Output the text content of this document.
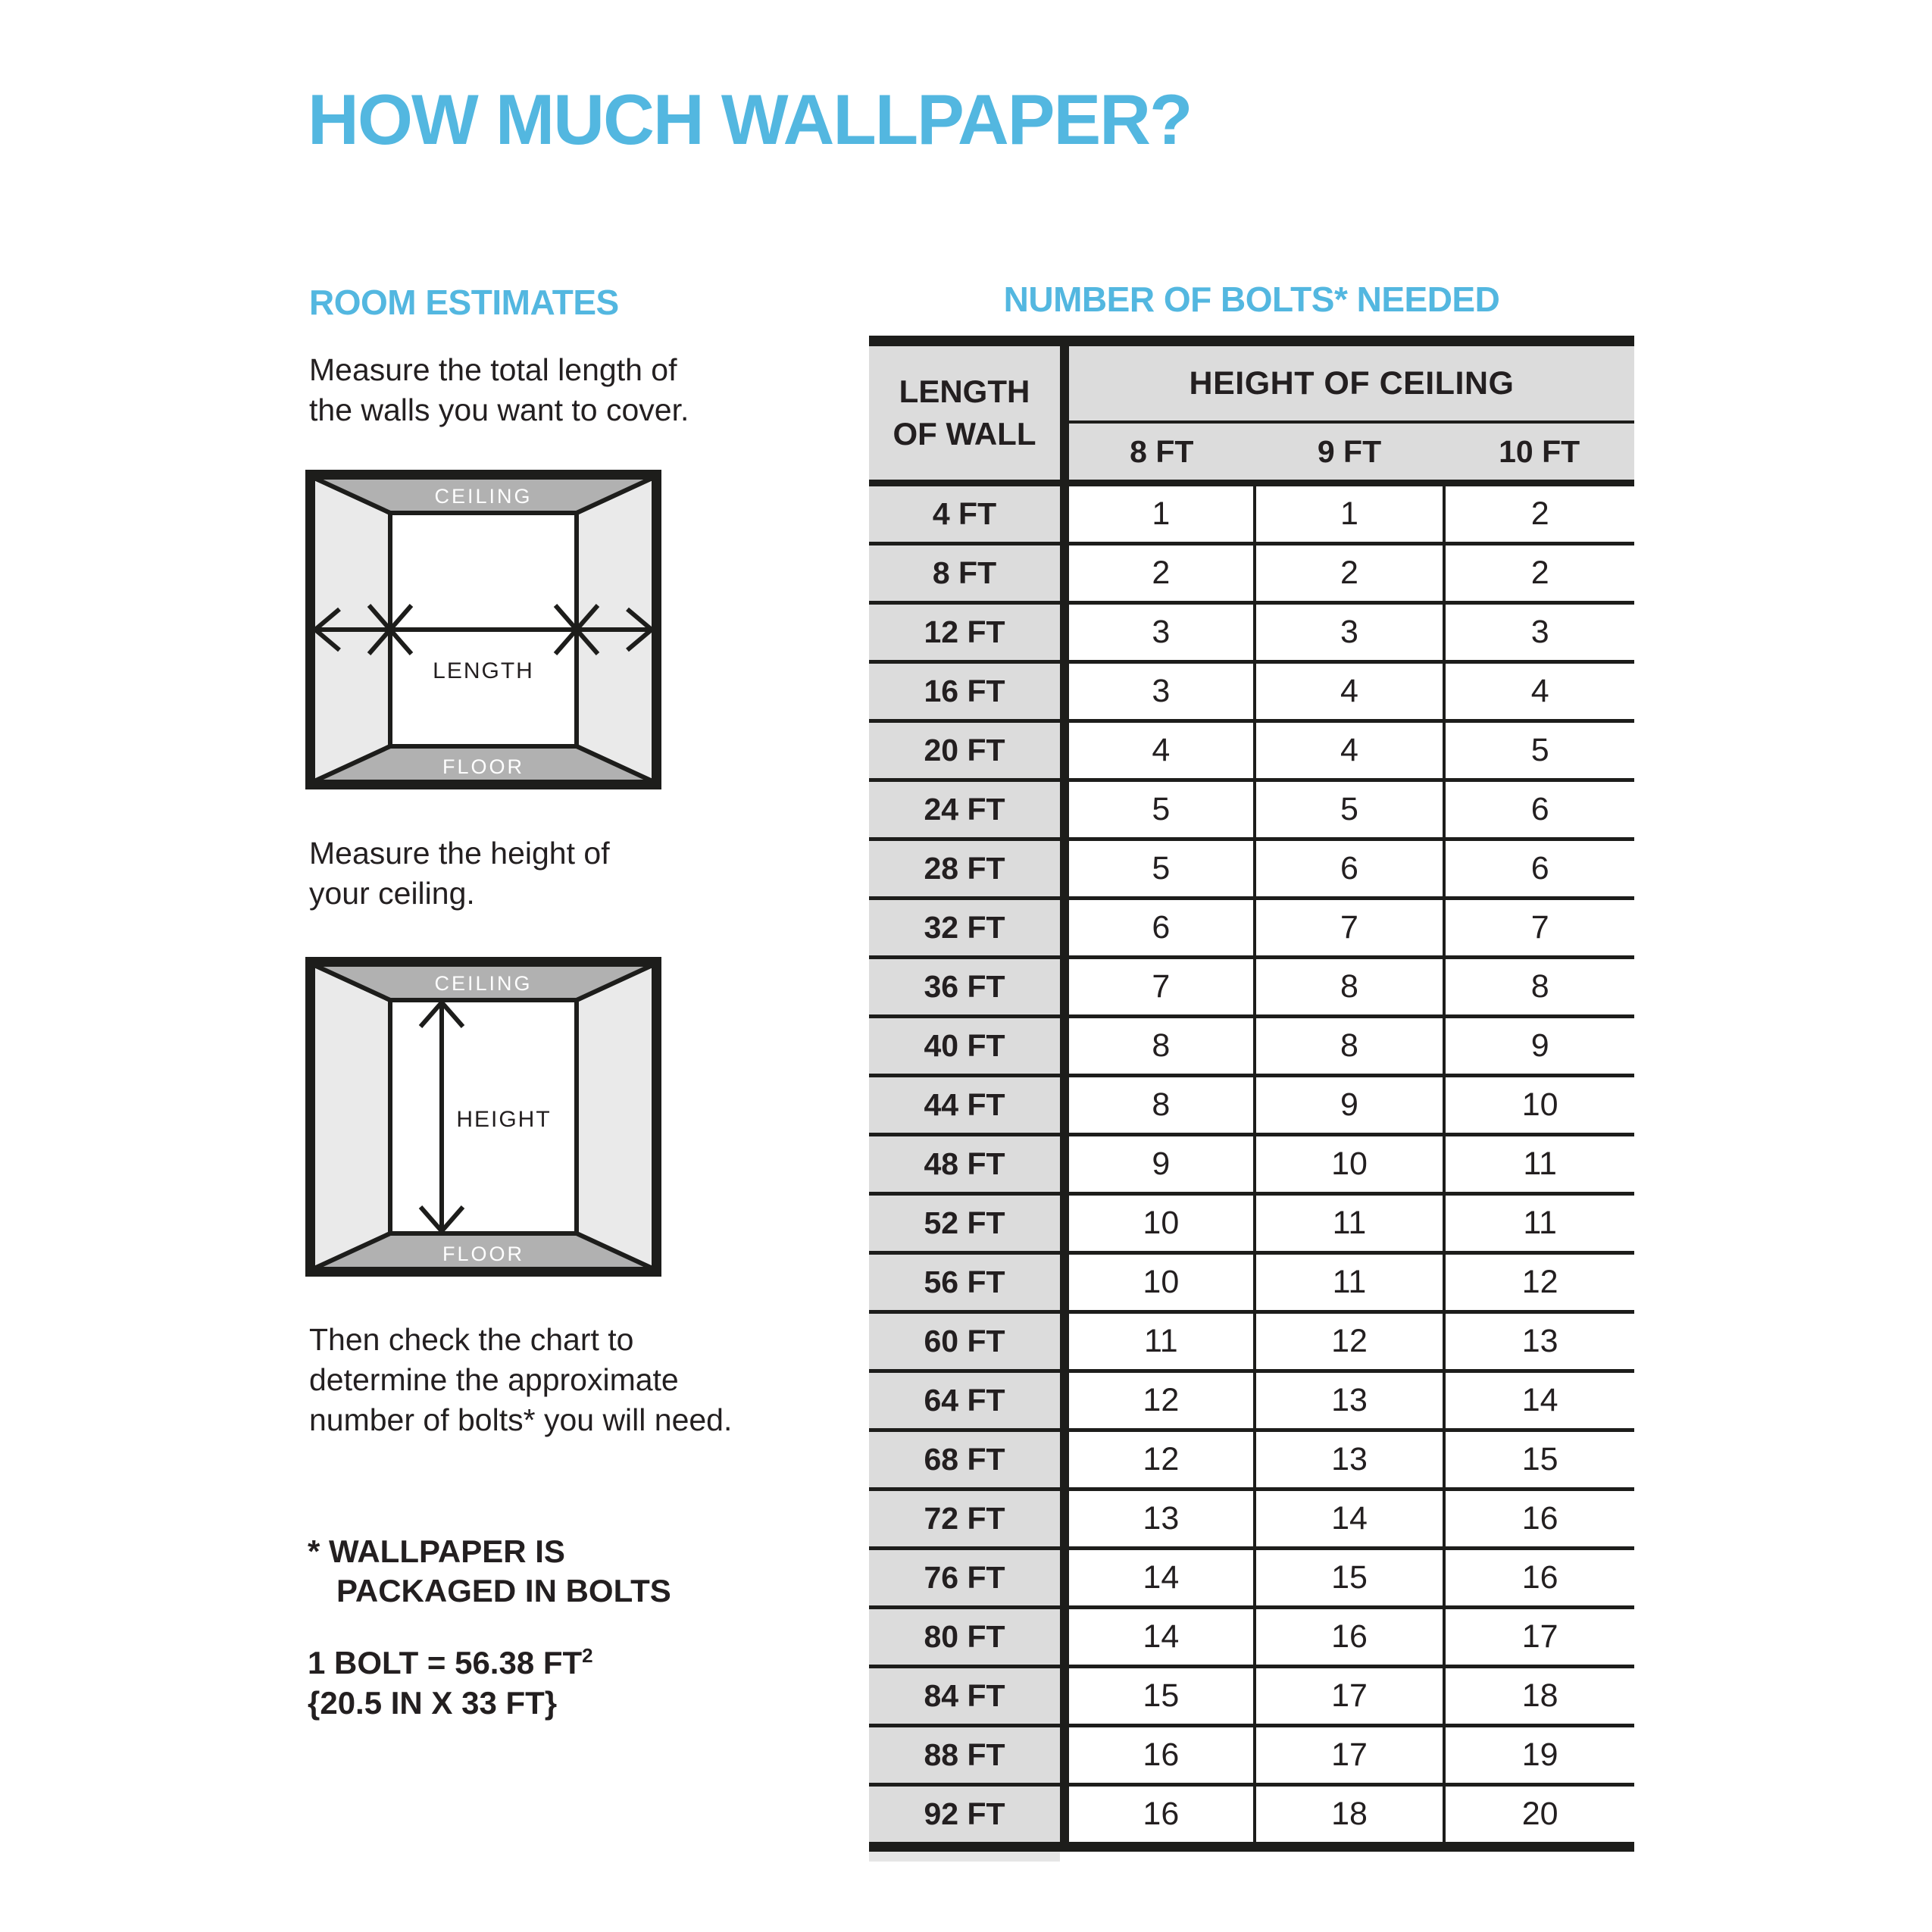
HOW MUCH WALLPAPER?
ROOM ESTIMATES
Measure the total length of
the walls you want to cover.
CEILING
FLOOR
LENGTH
Measure the height of
your ceiling.
CEILING
FLOOR
HEIGHT
Then check the chart to
determine the approximate
number of bolts* you will need.
* WALLPAPER IS
PACKAGED IN BOLTS
1 BOLT = 56.38 $FT^2$
{20.5 IN X 33 FT}
NUMBER OF BOLTS* NEEDED
LENGTH
OF WALL	HEIGHT OF CEILING		
	8 FT	9 FT	10 FT
4 FT	1	1	2
8 FT	2	2	2
12 FT	3	3	3
16 FT	3	4	4
20 FT	4	4	5
24 FT	5	5	6
28 FT	5	6	6
32 FT	6	7	7
36 FT	7	8	8
40 FT	8	8	9
44 FT	8	9	10
48 FT	9	10	11
52 FT	10	11	11
56 FT	10	11	12
60 FT	11	12	13
64 FT	12	13	14
68 FT	12	13	15
72 FT	13	14	16
76 FT	14	15	16
80 FT	14	16	17
84 FT	15	17	18
88 FT	16	17	19
92 FT	16	18	20
